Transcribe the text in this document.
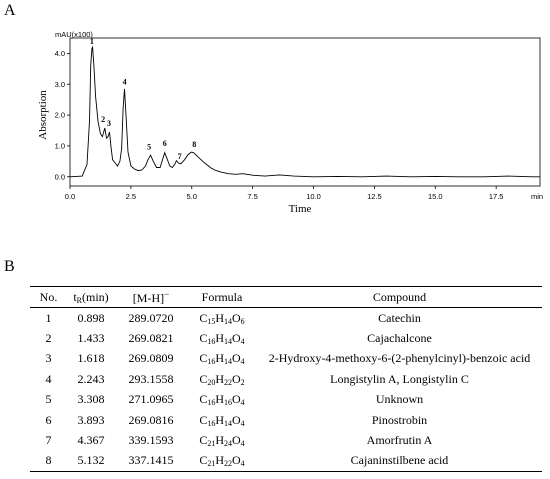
A
B
0.0
1.0
2.0
3.0
4.0
0.0	2.5	5.0	7.5	10.0	12.5	15.0	17.5
1
2 3
4
5 6
7
8
mAU(x100)
min
Time
Absorption
No.	$t_R(\min)$	[M-H]−	Formula	Compound
1	0.898	289.0720	$C_{15}H_{14}O_6$	Catechin
2	1.433	269.0821	$C_{16}H_{14}O_4$	Cajachalcone
3	1.618	269.0809	$C_{16}H_{14}O_4$	2-Hydroxy-4-methoxy-6-(2-phenylcinyl)-benzoic acid
4	2.243	293.1558	$C_{20}H_{22}O_2$	Longistylin A, Longistylin C
5	3.308	271.0965	$C_{16}H_{16}O_4$	Unknown
6	3.893	269.0816	$C_{16}H_{14}O_4$	Pinostrobin
7	4.367	339.1593	$C_{21}H_{24}O_4$	Amorfrutin A
8	5.132	337.1415	$C_{21}H_{22}O_4$	Cajaninstilbene acid
